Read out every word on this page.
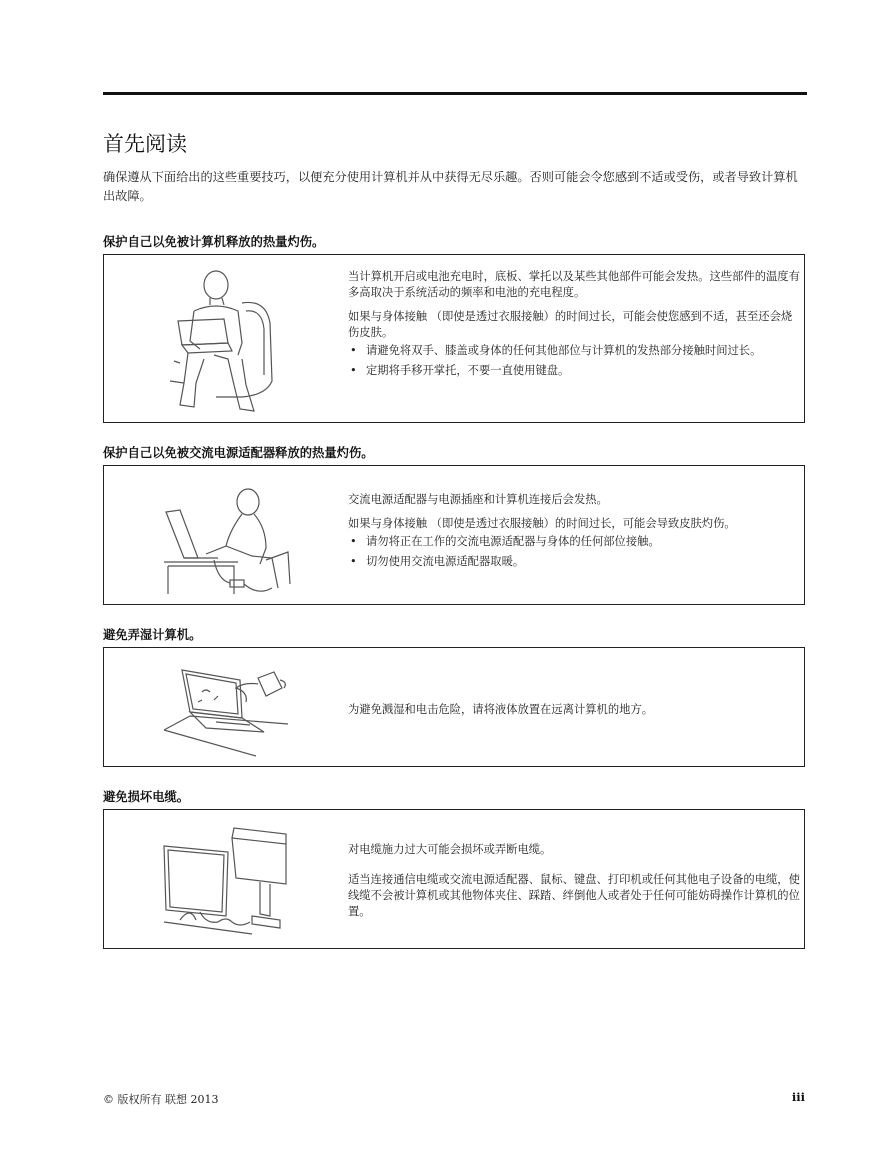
首先阅读

确保遵从下面给出的这些重要技巧，以便充分使用计算机并从中获得无尽乐趣。否则可能会令您感到不适或受伤，或者导致计算机出故障。

保护自己以免被计算机释放的热量灼伤。

当计算机开启或电池充电时，底板、掌托以及某些其他部件可能会发热。这些部件的温度有多高取决于系统活动的频率和电池的充电程度。

如果与身体接触 （即使是透过衣服接触）的时间过长，可能会使您感到不适，甚至还会烧伤皮肤。

• 请避免将双手、膝盖或身体的任何其他部位与计算机的发热部分接触时间过长。
• 定期将手移开掌托，不要一直使用键盘。
保护自己以免被交流电源适配器释放的热量灼伤。

交流电源适配器与电源插座和计算机连接后会发热。

如果与身体接触 （即使是透过衣服接触）的时间过长，可能会导致皮肤灼伤。

• 请勿将正在工作的交流电源适配器与身体的任何部位接触。
• 切勿使用交流电源适配器取暖。
避免弄湿计算机。

为避免溅湿和电击危险，请将液体放置在远离计算机的地方。

避免损坏电缆。

对电缆施力过大可能会损坏或弄断电缆。

适当连接通信电缆或交流电源适配器、鼠标、键盘、打印机或任何其他电子设备的电缆，使线缆不会被计算机或其他物体夹住、踩踏、绊倒他人或者处于任何可能妨碍操作计算机的位置。

© 版权所有 联想 2013	iii
